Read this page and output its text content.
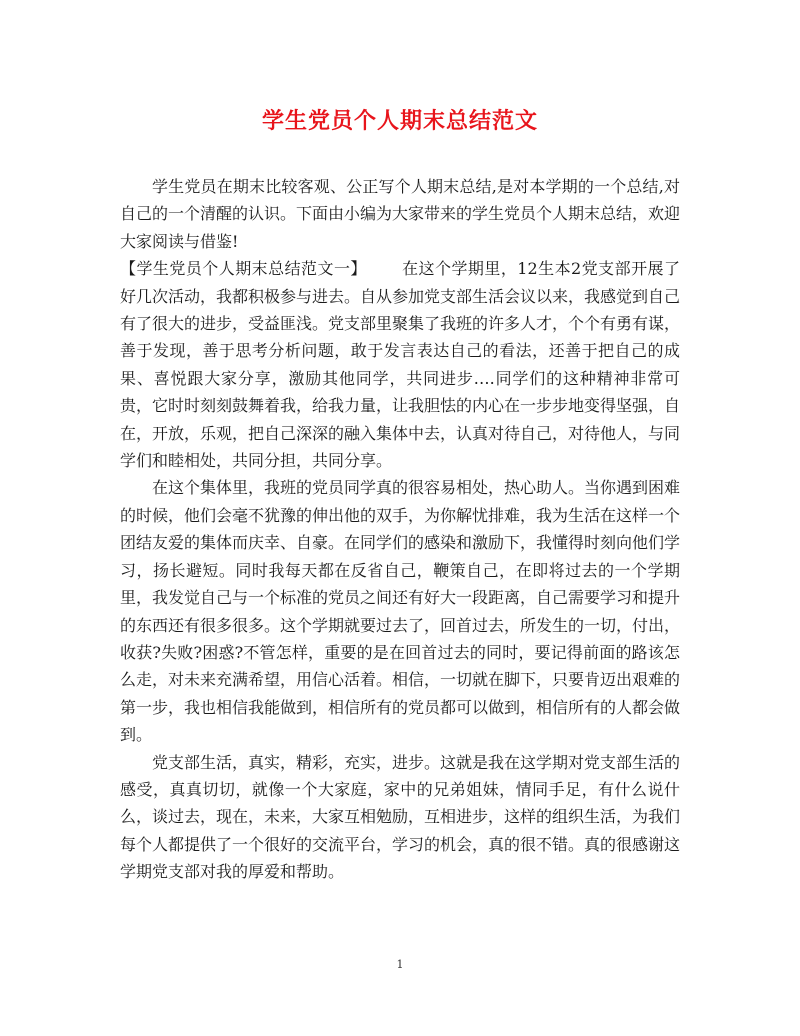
学生党员个人期末总结范文

学生党员在期末比较客观、公正写个人期末总结,是对本学期的一个总结,对自己的一个清醒的认识。下面由小编为大家带来的学生党员个人期末总结，欢迎大家阅读与借鉴!

【学生党员个人期末总结范文一】 在这个学期里，12生本2党支部开展了好几次活动，我都积极参与进去。自从参加党支部生活会议以来，我感觉到自己有了很大的进步，受益匪浅。党支部里聚集了我班的许多人才，个个有勇有谋，善于发现，善于思考分析问题，敢于发言表达自己的看法，还善于把自己的成果、喜悦跟大家分享，激励其他同学，共同进步….同学们的这种精神非常可贵，它时时刻刻鼓舞着我，给我力量，让我胆怯的内心在一步步地变得坚强，自在，开放，乐观，把自己深深的融入集体中去，认真对待自己，对待他人，与同学们和睦相处，共同分担，共同分享。

在这个集体里，我班的党员同学真的很容易相处，热心助人。当你遇到困难的时候，他们会毫不犹豫的伸出他的双手，为你解忧排难，我为生活在这样一个团结友爱的集体而庆幸、自豪。在同学们的感染和激励下，我懂得时刻向他们学习，扬长避短。同时我每天都在反省自己，鞭策自己，在即将过去的一个学期里，我发觉自己与一个标准的党员之间还有好大一段距离，自己需要学习和提升的东西还有很多很多。这个学期就要过去了，回首过去，所发生的一切，付出，收获?失败?困惑?不管怎样，重要的是在回首过去的同时，要记得前面的路该怎么走，对未来充满希望，用信心活着。相信，一切就在脚下，只要肯迈出艰难的第一步，我也相信我能做到，相信所有的党员都可以做到，相信所有的人都会做到。

党支部生活，真实，精彩，充实，进步。这就是我在这学期对党支部生活的感受，真真切切，就像一个大家庭，家中的兄弟姐妹，情同手足，有什么说什么，谈过去，现在，未来，大家互相勉励，互相进步，这样的组织生活，为我们每个人都提供了一个很好的交流平台，学习的机会，真的很不错。真的很感谢这学期党支部对我的厚爱和帮助。

1
